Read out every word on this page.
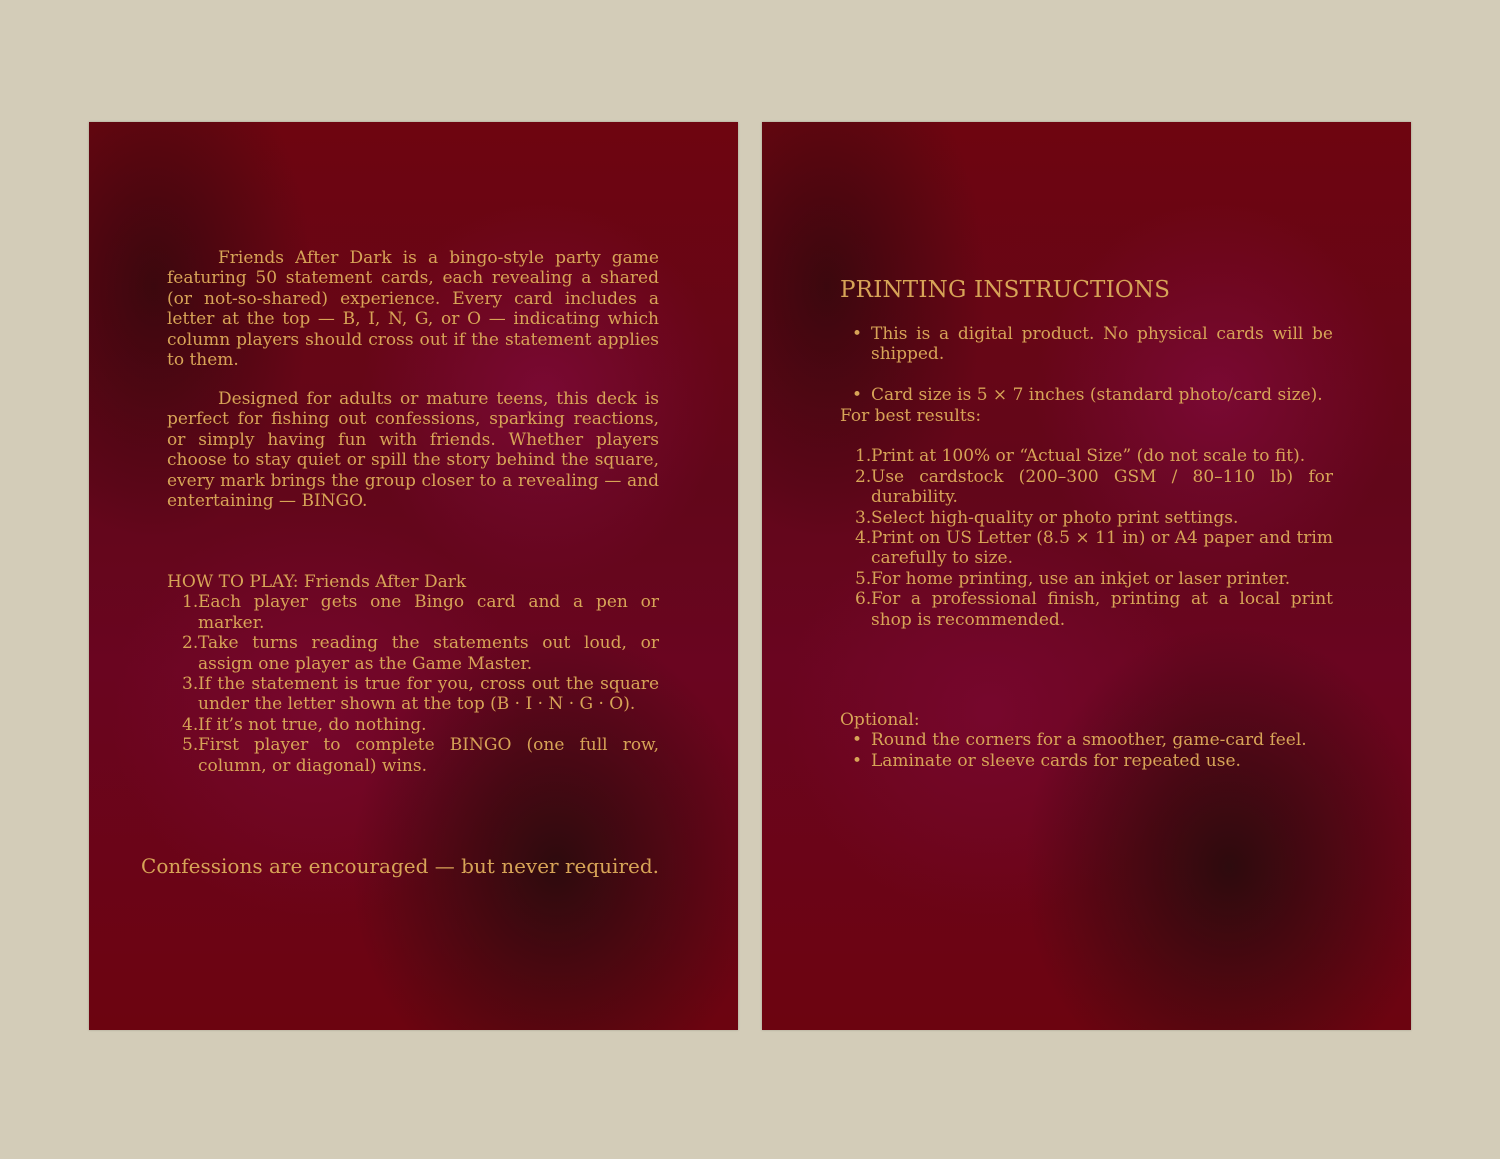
Friends After Dark is a bingo-style party game featuring 50 statement cards, each revealing a shared (or not-so-shared) experience. Every card includes a letter at the top — B, I, N, G, or O — indicating which column players should cross out if the statement applies to them.

Designed for adults or mature teens, this deck is perfect for fishing out confessions, sparking reactions, or simply having fun with friends. Whether players choose to stay quiet or spill the story behind the square, every mark brings the group closer to a revealing — and entertaining — BINGO.

HOW TO PLAY: Friends After Dark
1. Each player gets one Bingo card and a pen or marker.
2. Take turns reading the statements out loud, or assign one player as the Game Master.
3. If the statement is true for you, cross out the square under the letter shown at the top (B · I · N · G · O).
4. If it’s not true, do nothing.
5. First player to complete BINGO (one full row, column, or diagonal) wins.
Confessions are encouraged — but never required.
PRINTING INSTRUCTIONS
• This is a digital product. No physical cards will be shipped.
• Card size is 5 × 7 inches (standard photo/card size).

For best results:

1. Print at 100% or “Actual Size” (do not scale to fit).
2. Use cardstock (200–300 GSM / 80–110 lb) for durability.
3. Select high-quality or photo print settings.
4. Print on US Letter (8.5 × 11 in) or A4 paper and trim carefully to size.
5. For home printing, use an inkjet or laser printer.
6. For a professional finish, printing at a local print shop is recommended.

Optional:

• Round the corners for a smoother, game-card feel.
• Laminate or sleeve cards for repeated use.
